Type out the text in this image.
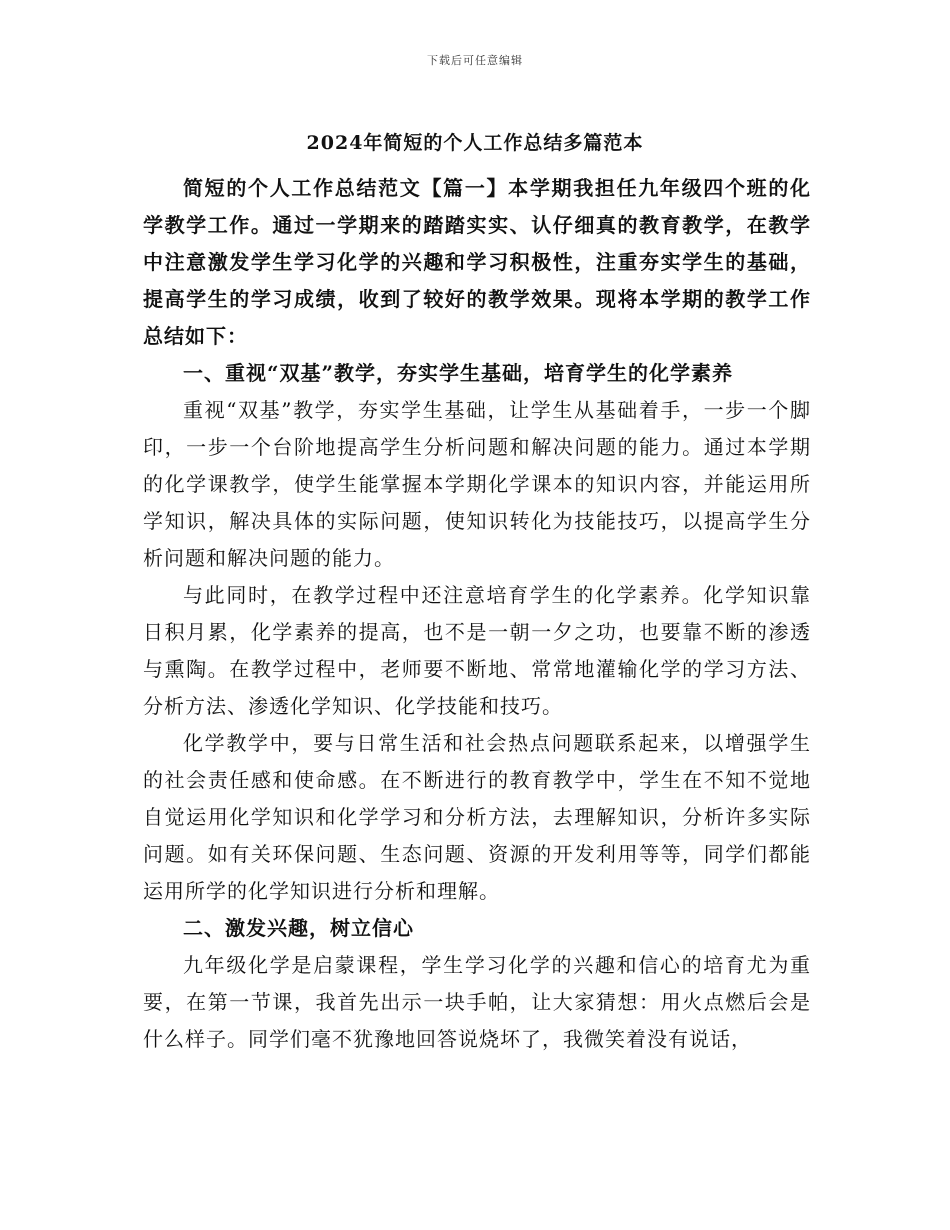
下载后可任意编辑
2024年简短的个人工作总结多篇范本

简短的个人工作总结范文【篇一】本学期我担任九年级四个班的化学教学工作。通过一学期来的踏踏实实、认仔细真的教育教学，在教学中注意激发学生学习化学的兴趣和学习积极性，注重夯实学生的基础，提高学生的学习成绩，收到了较好的教学效果。现将本学期的教学工作总结如下：

一、重视“双基”教学，夯实学生基础，培育学生的化学素养

重视“双基”教学，夯实学生基础，让学生从基础着手，一步一个脚印，一步一个台阶地提高学生分析问题和解决问题的能力。通过本学期的化学课教学，使学生能掌握本学期化学课本的知识内容，并能运用所学知识，解决具体的实际问题，使知识转化为技能技巧，以提高学生分析问题和解决问题的能力。

与此同时，在教学过程中还注意培育学生的化学素养。化学知识靠日积月累，化学素养的提高，也不是一朝一夕之功，也要靠不断的渗透与熏陶。在教学过程中，老师要不断地、常常地灌输化学的学习方法、分析方法、渗透化学知识、化学技能和技巧。

化学教学中，要与日常生活和社会热点问题联系起来，以增强学生的社会责任感和使命感。在不断进行的教育教学中，学生在不知不觉地自觉运用化学知识和化学学习和分析方法，去理解知识，分析许多实际问题。如有关环保问题、生态问题、资源的开发利用等等，同学们都能运用所学的化学知识进行分析和理解。

二、激发兴趣，树立信心

九年级化学是启蒙课程，学生学习化学的兴趣和信心的培育尤为重要，在第一节课，我首先出示一块手帕，让大家猜想：用火点燃后会是什么样子。同学们毫不犹豫地回答说烧坏了，我微笑着没有说话，
